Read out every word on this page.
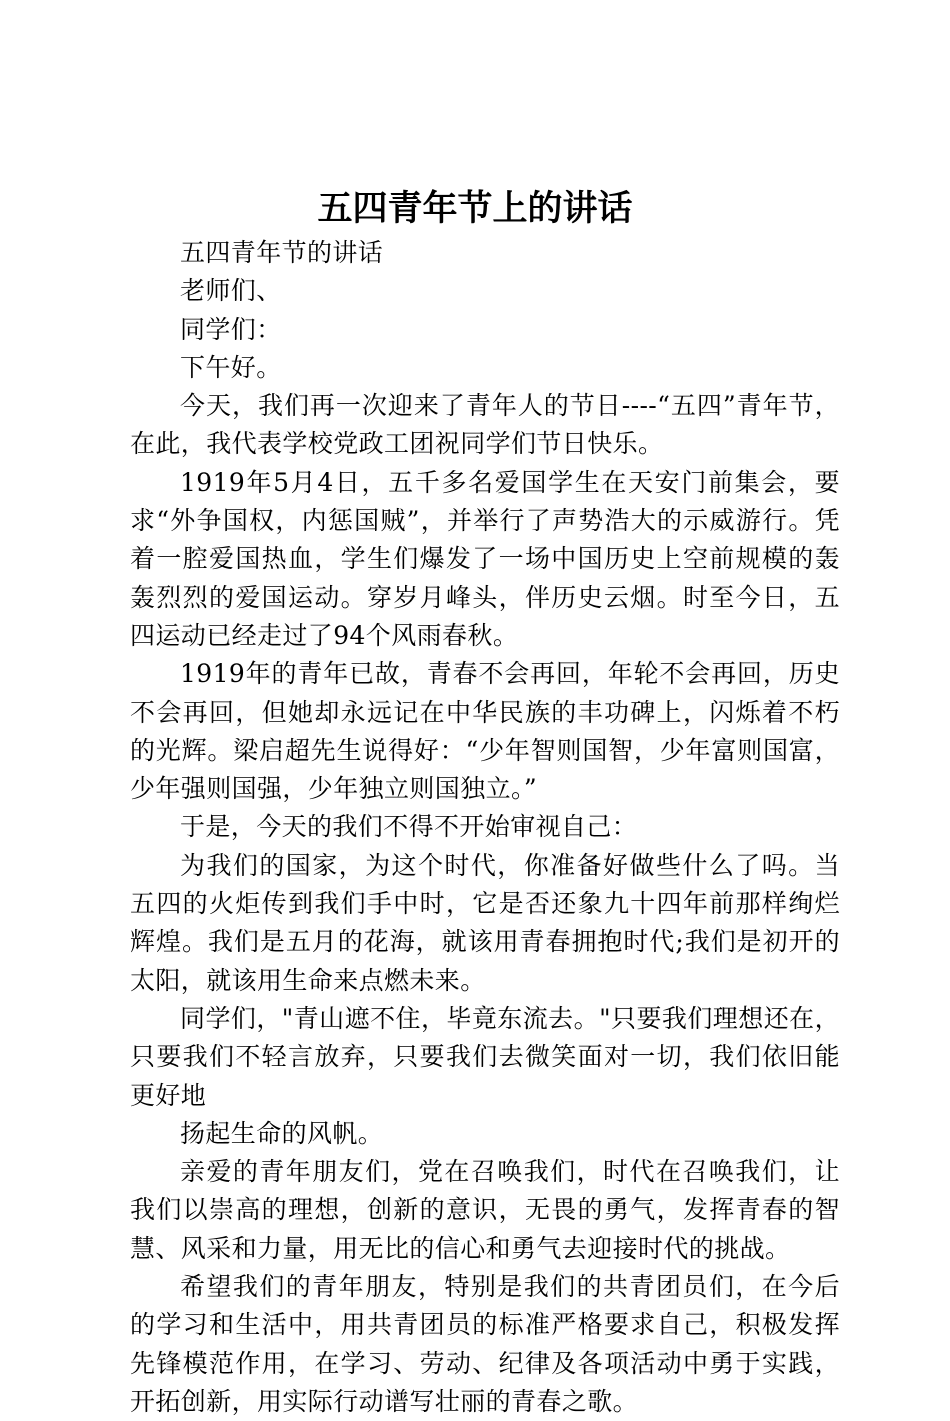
五四青年节上的讲话

五四青年节的讲话

老师们、

同学们：

下午好。

今天，我们再一次迎来了青年人的节日----“五四”青年节，在此，我代表学校党政工团祝同学们节日快乐。

1919年5月4日，五千多名爱国学生在天安门前集会，要求“外争国权，内惩国贼”，并举行了声势浩大的示威游行。凭着一腔爱国热血，学生们爆发了一场中国历史上空前规模的轰轰烈烈的爱国运动。穿岁月峰头，伴历史云烟。时至今日，五四运动已经走过了94个风雨春秋。

1919年的青年已故，青春不会再回，年轮不会再回，历史不会再回，但她却永远记在中华民族的丰功碑上，闪烁着不朽的光辉。梁启超先生说得好：“少年智则国智，少年富则国富，少年强则国强，少年独立则国独立。”

于是，今天的我们不得不开始审视自己：

为我们的国家，为这个时代，你准备好做些什么了吗。当五四的火炬传到我们手中时，它是否还象九十四年前那样绚烂辉煌。我们是五月的花海，就该用青春拥抱时代;我们是初开的太阳，就该用生命来点燃未来。

同学们，"青山遮不住，毕竟东流去。"只要我们理想还在，只要我们不轻言放弃，只要我们去微笑面对一切，我们依旧能更好地

扬起生命的风帆。

亲爱的青年朋友们，党在召唤我们，时代在召唤我们，让我们以崇高的理想，创新的意识，无畏的勇气，发挥青春的智慧、风采和力量，用无比的信心和勇气去迎接时代的挑战。

希望我们的青年朋友，特别是我们的共青团员们，在今后的学习和生活中，用共青团员的标准严格要求自己，积极发挥先锋模范作用，在学习、劳动、纪律及各项活动中勇于实践，开拓创新，用实际行动谱写壮丽的青春之歌。
